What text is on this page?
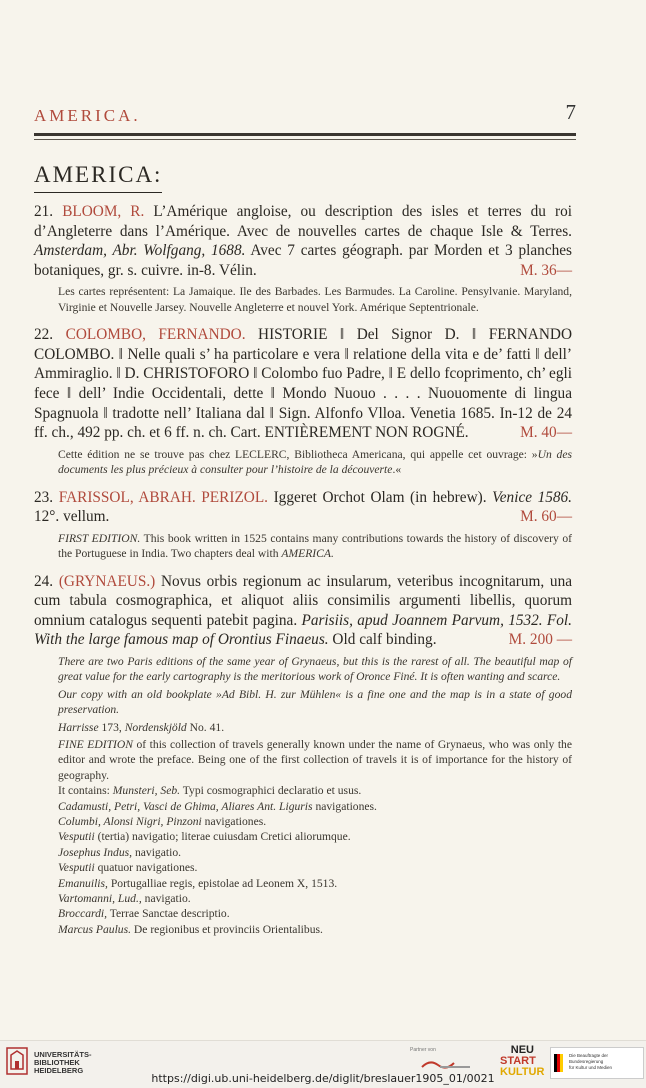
AMERICA.	7
AMERICA:

21. BLOOM, R. L’Amérique angloise, ou description des isles et terres du roi d’Angleterre dans l’Amérique. Avec de nouvelles cartes de chaque Isle & Terres. Amsterdam, Abr. Wolfgang, 1688. Avec 7 cartes géograph. par Morden et 3 planches botaniques, gr. s. cuivre. in-8. Vélin.	M. 36—

Les cartes représentent: La Jamaique. Ile des Barbades. Les Barmudes. La Caroline. Pensylvanie. Maryland, Virginie et Nouvelle Jarsey. Nouvelle Angleterre et nouvel York. Amérique Septentrionale.

22. COLOMBO, FERNANDO. HISTORIE ‖ Del Signor D. ‖ FERNANDO COLOMBO. ‖ Nelle quali s’ ha particolare e vera ‖ relatione della vita e de’ fatti ‖ dell’ Ammiraglio. ‖ D. CHRISTOFORO ‖ Colombo fuo Padre, ‖ E dello fcoprimento, ch’ egli fece ‖ dell’ Indie Occidentali, dette ‖ Mondo Nuouo . . . . Nuouomente di lingua Spagnuola ‖ tradotte nell’ Italiana dal ‖ Sign. Alfonfo Vlloa. Venetia 1685. In-12 de 24 ff. ch., 492 pp. ch. et 6 ff. n. ch. Cart. ENTIÈREMENT NON ROGNÉ.	M. 40—

Cette édition ne se trouve pas chez LECLERC, Bibliotheca Americana, qui appelle cet ouvrage: »Un des documents les plus précieux à consulter pour l’histoire de la découverte.«

23. FARISSOL, ABRAH. PERIZOL. Iggeret Orchot Olam (in hebrew). Venice 1586. 12°. vellum.	M. 60—

FIRST EDITION. This book written in 1525 contains many contributions towards the history of discovery of the Portuguese in India. Two chapters deal with AMERICA.

24. (GRYNAEUS.) Novus orbis regionum ac insularum, veteribus incognitarum, una cum tabula cosmographica, et aliquot aliis consimilis argumenti libellis, quorum omnium catalogus sequenti patebit pagina. Parisiis, apud Joannem Parvum, 1532. Fol. With the large famous map of Orontius Finaeus. Old calf binding.	M. 200 —

There are two Paris editions of the same year of Grynaeus, but this is the rarest of all. The beautiful map of great value for the early cartography is the meritorious work of Oronce Finé. It is often wanting and scarce.

Our copy with an old bookplate »Ad Bibl. H. zur Mühlen« is a fine one and the map is in a state of good preservation.

Harrisse 173, Nordenskjöld No. 41.

FINE EDITION of this collection of travels generally known under the name of Grynaeus, who was only the editor and wrote the preface. Being one of the first collection of travels it is of importance for the history of geography.

It contains: Munsteri, Seb. Typi cosmographici declaratio et usus.

Cadamusti, Petri, Vasci de Ghima, Aliares Ant. Liguris navigationes.

Columbi, Alonsi Nigri, Pinzoni navigationes.

Vesputii (tertia) navigatio; literae cuiusdam Cretici aliorumque.

Josephus Indus, navigatio.

Vesputii quatuor navigationes.

Emanuilis, Portugalliae regis, epistolae ad Leonem X, 1513.

Vartomanni, Lud., navigatio.

Broccardi, Terrae Sanctae descriptio.

Marcus Paulus. De regionibus et provinciis Orientalibus.

UNIVERSITÄTS-
BIBLIOTHEK
HEIDELBERG
https://digi.ub.uni-heidelberg.de/diglit/breslauer1905_01/0021
Partner von	NEU
START
KULTUR
Die Beauftragte der Bundesregierung
für Kultur und Medien
